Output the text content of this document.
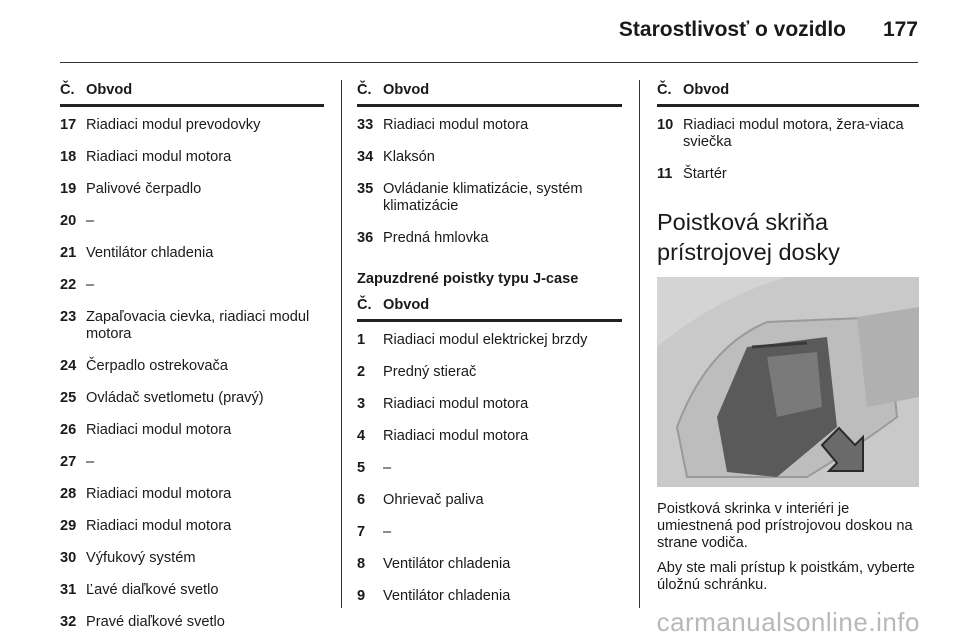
Starostlivosť o vozidlo 177
Č.	Obvod
17	Riadiaci modul prevodovky
18	Riadiaci modul motora
19	Palivové čerpadlo
20	–
21	Ventilátor chladenia
22	–
23	Zapaľovacia cievka, riadiaci modul motora
24	Čerpadlo ostrekovača
25	Ovládač svetlometu (pravý)
26	Riadiaci modul motora
27	–
28	Riadiaci modul motora
29	Riadiaci modul motora
30	Výfukový systém
31	Ľavé diaľkové svetlo
32	Pravé diaľkové svetlo
Č.	Obvod
33	Riadiaci modul motora
34	Klaksón
35	Ovládanie klimatizácie, systém klimatizácie
36	Predná hmlovka
Zapuzdrené poistky typu J-case
Č.	Obvod
1	Riadiaci modul elektrickej brzdy
2	Predný stierač
3	Riadiaci modul motora
4	Riadiaci modul motora
5	–
6	Ohrievač paliva
7	–
8	Ventilátor chladenia
9	Ventilátor chladenia
Č.	Obvod
10	Riadiaci modul motora, žera-viaca sviečka
11	Štartér
Poistková skriňa
prístrojovej dosky

Poistková skrinka v interiéri je umiestnená pod prístrojovou doskou na strane vodiča.

Aby ste mali prístup k poistkám, vyberte úložnú schránku.

carmanualsonline.info
